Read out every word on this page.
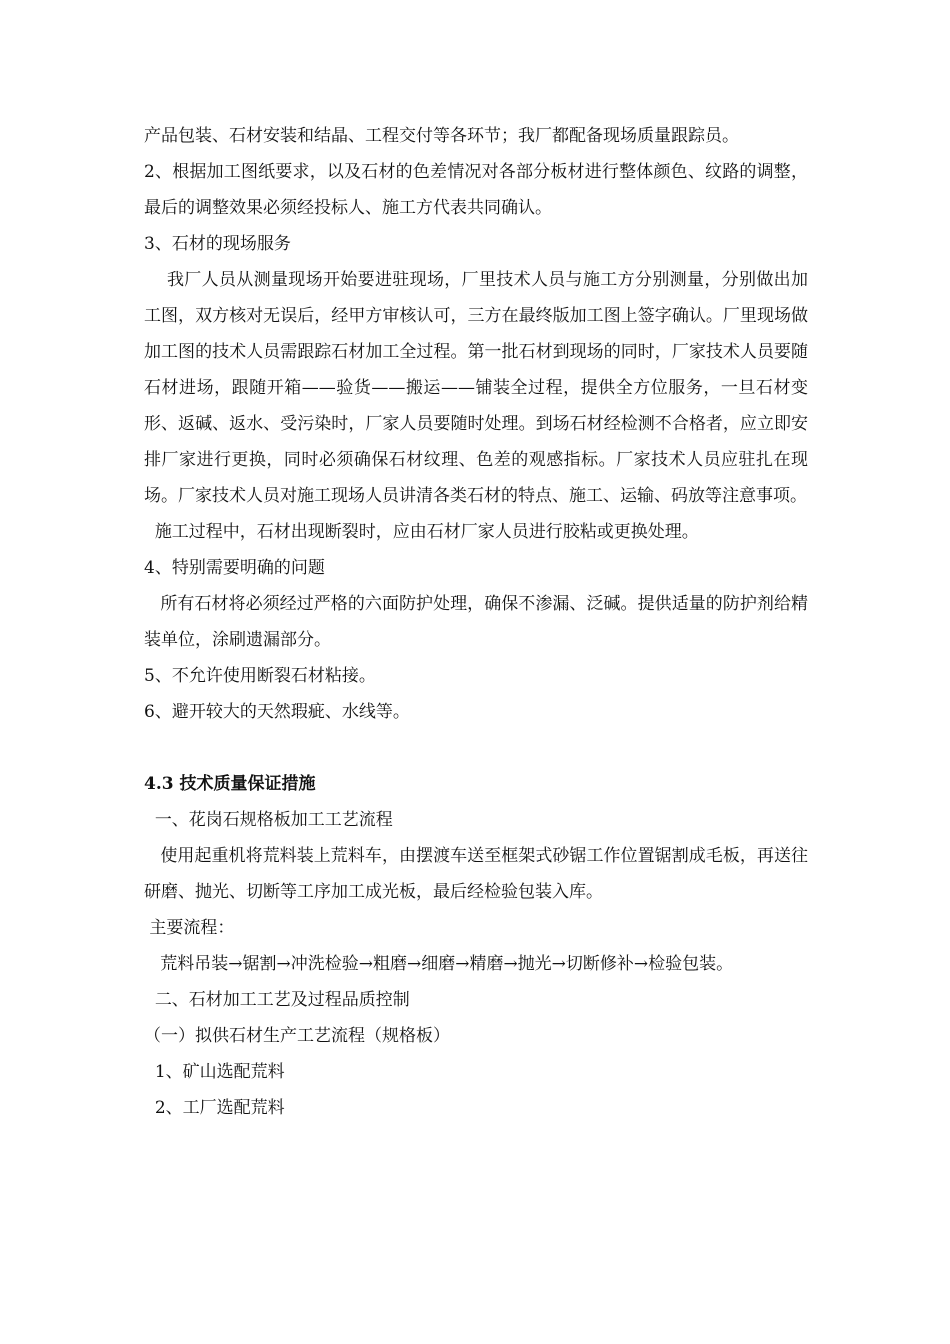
产品包装、石材安装和结晶、工程交付等各环节；我厂都配备现场质量跟踪员。

2、根据加工图纸要求，以及石材的色差情况对各部分板材进行整体颜色、纹路的调整，最后的调整效果必须经投标人、施工方代表共同确认。

3、石材的现场服务

我厂人员从测量现场开始要进驻现场，厂里技术人员与施工方分别测量，分别做出加工图，双方核对无误后，经甲方审核认可，三方在最终版加工图上签字确认。厂里现场做加工图的技术人员需跟踪石材加工全过程。第一批石材到现场的同时，厂家技术人员要随石材进场，跟随开箱——验货——搬运——铺装全过程，提供全方位服务，一旦石材变形、返碱、返水、受污染时，厂家人员要随时处理。到场石材经检测不合格者，应立即安排厂家进行更换，同时必须确保石材纹理、色差的观感指标。厂家技术人员应驻扎在现场。厂家技术人员对施工现场人员讲清各类石材的特点、施工、运输、码放等注意事项。

施工过程中，石材出现断裂时，应由石材厂家人员进行胶粘或更换处理。

4、特别需要明确的问题

所有石材将必须经过严格的六面防护处理，确保不渗漏、泛碱。提供适量的防护剂给精装单位，涂刷遗漏部分。

5、不允许使用断裂石材粘接。

6、避开较大的天然瑕疵、水线等。

4.3 技术质量保证措施

一、花岗石规格板加工工艺流程

使用起重机将荒料装上荒料车，由摆渡车送至框架式砂锯工作位置锯割成毛板，再送往研磨、抛光、切断等工序加工成光板，最后经检验包装入库。

主要流程：

荒料吊装→锯割→冲洗检验→粗磨→细磨→精磨→抛光→切断修补→检验包装。

二、石材加工工艺及过程品质控制

（一）拟供石材生产工艺流程（规格板）

1、矿山选配荒料

2、工厂选配荒料
